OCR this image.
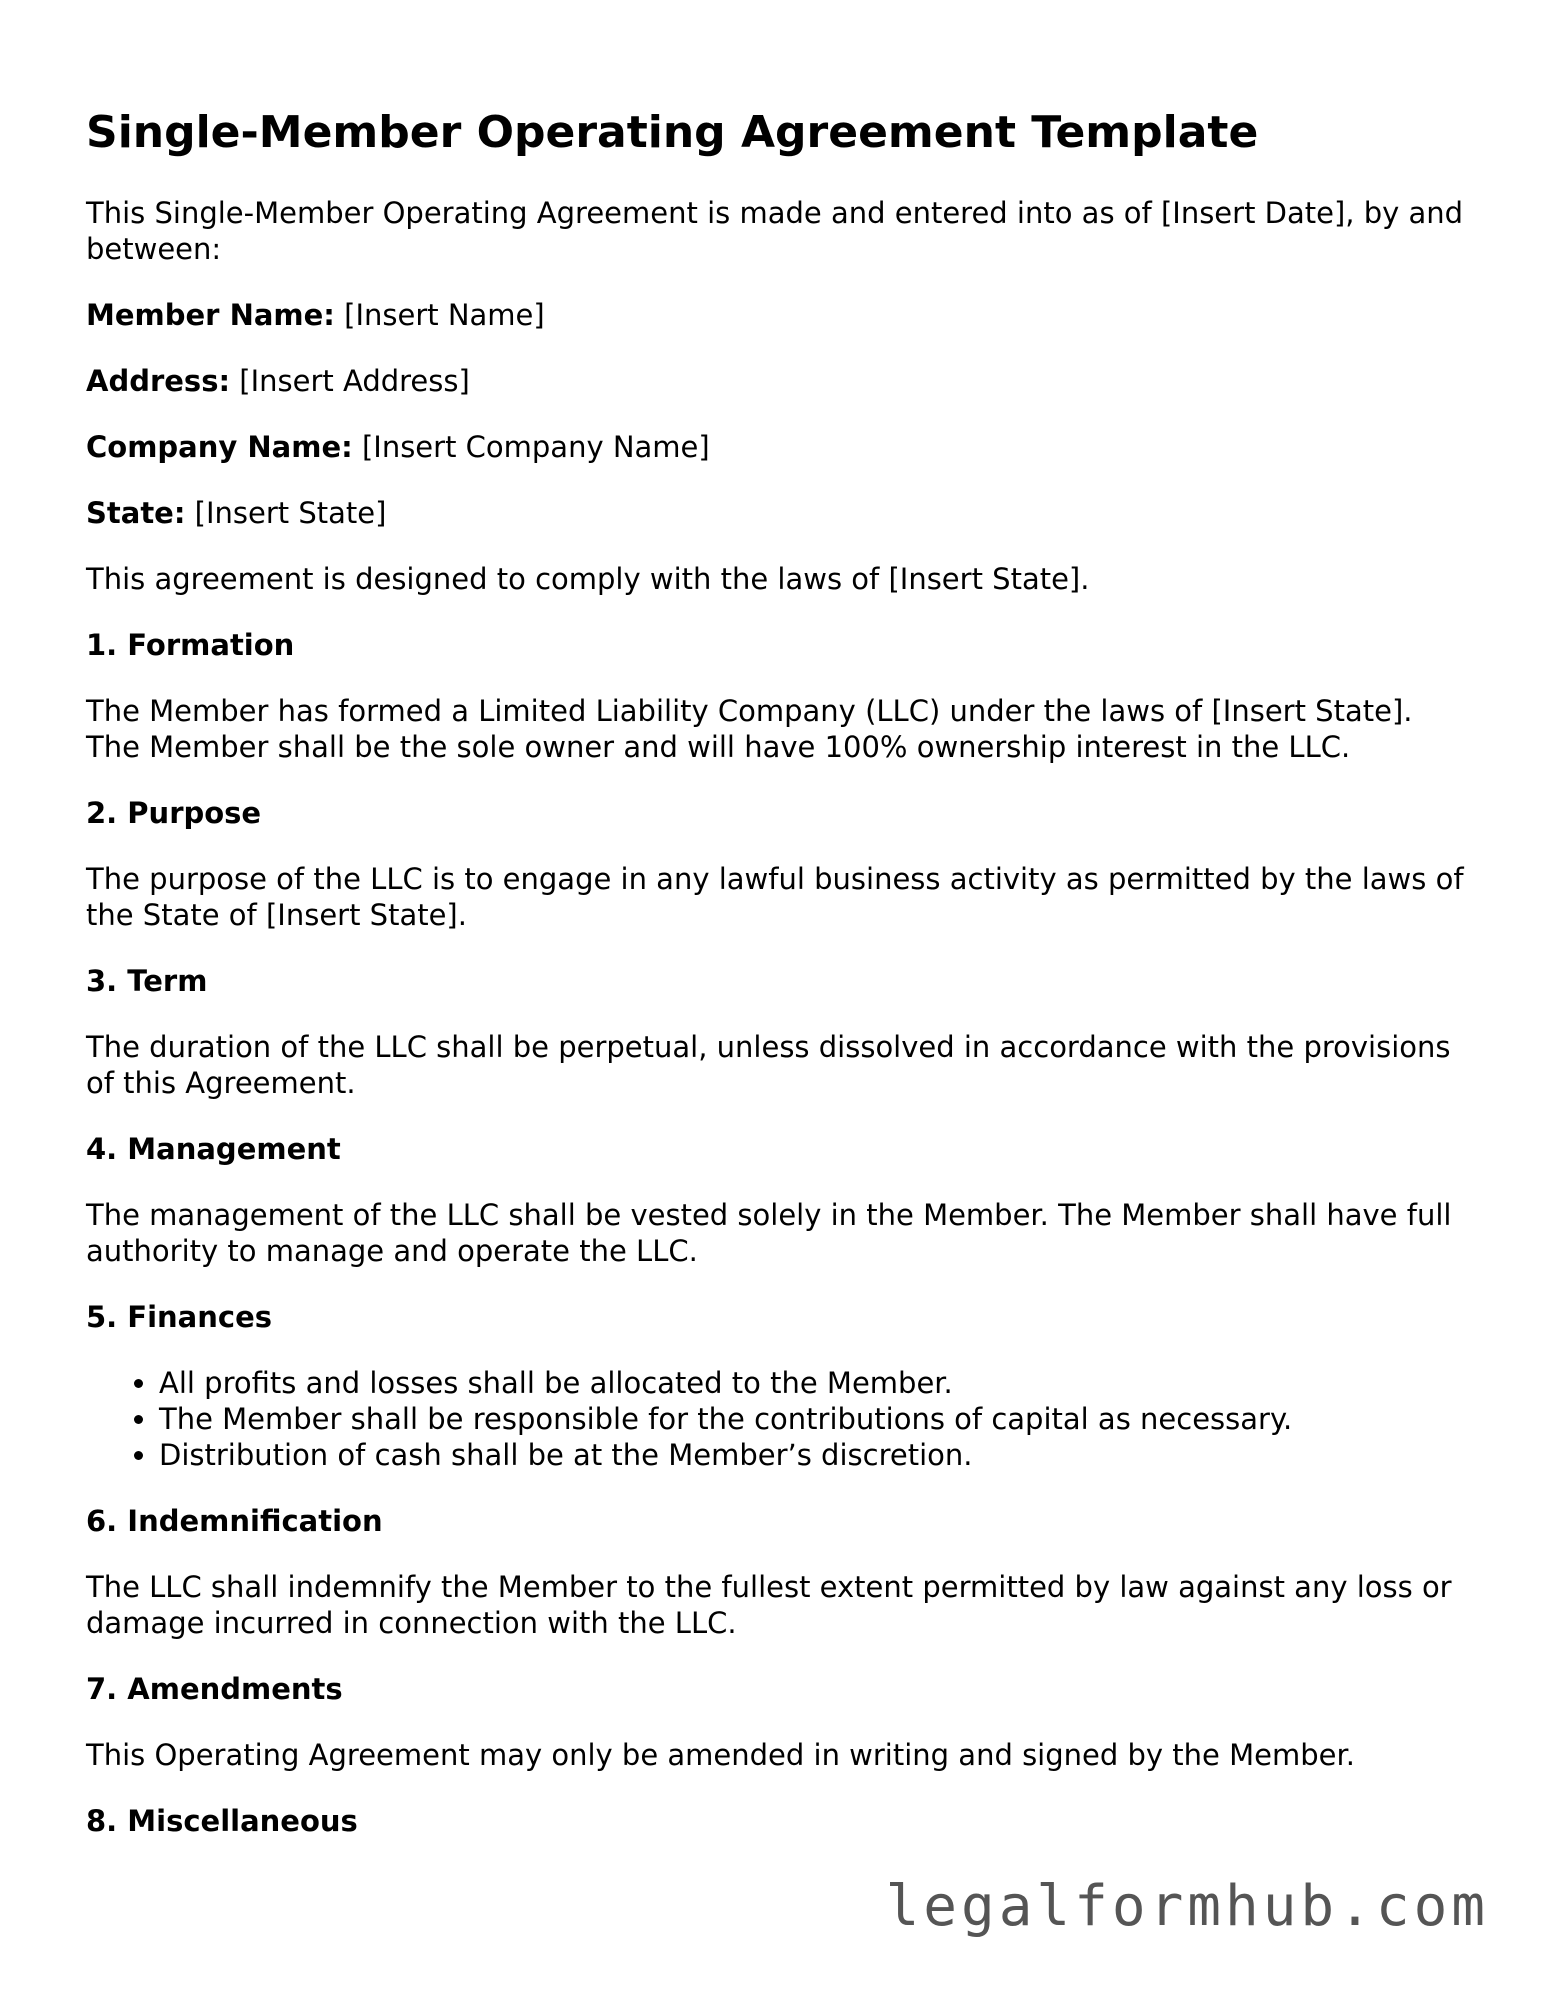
Single-Member Operating Agreement Template

This Single-Member Operating Agreement is made and entered into as of [Insert Date], by and between:

Member Name: [Insert Name]

Address: [Insert Address]

Company Name: [Insert Company Name]

State: [Insert State]

This agreement is designed to comply with the laws of [Insert State].

1. Formation

The Member has formed a Limited Liability Company (LLC) under the laws of [Insert State]. The Member shall be the sole owner and will have 100% ownership interest in the LLC.

2. Purpose

The purpose of the LLC is to engage in any lawful business activity as permitted by the laws of the State of [Insert State].

3. Term

The duration of the LLC shall be perpetual, unless dissolved in accordance with the provisions of this Agreement.

4. Management

The management of the LLC shall be vested solely in the Member. The Member shall have full authority to manage and operate the LLC.

5. Finances
• All profits and losses shall be allocated to the Member.
• The Member shall be responsible for the contributions of capital as necessary.
• Distribution of cash shall be at the Member’s discretion.
6. Indemnification

The LLC shall indemnify the Member to the fullest extent permitted by law against any loss or damage incurred in connection with the LLC.

7. Amendments

This Operating Agreement may only be amended in writing and signed by the Member.

8. Miscellaneous
legalformhub.com
